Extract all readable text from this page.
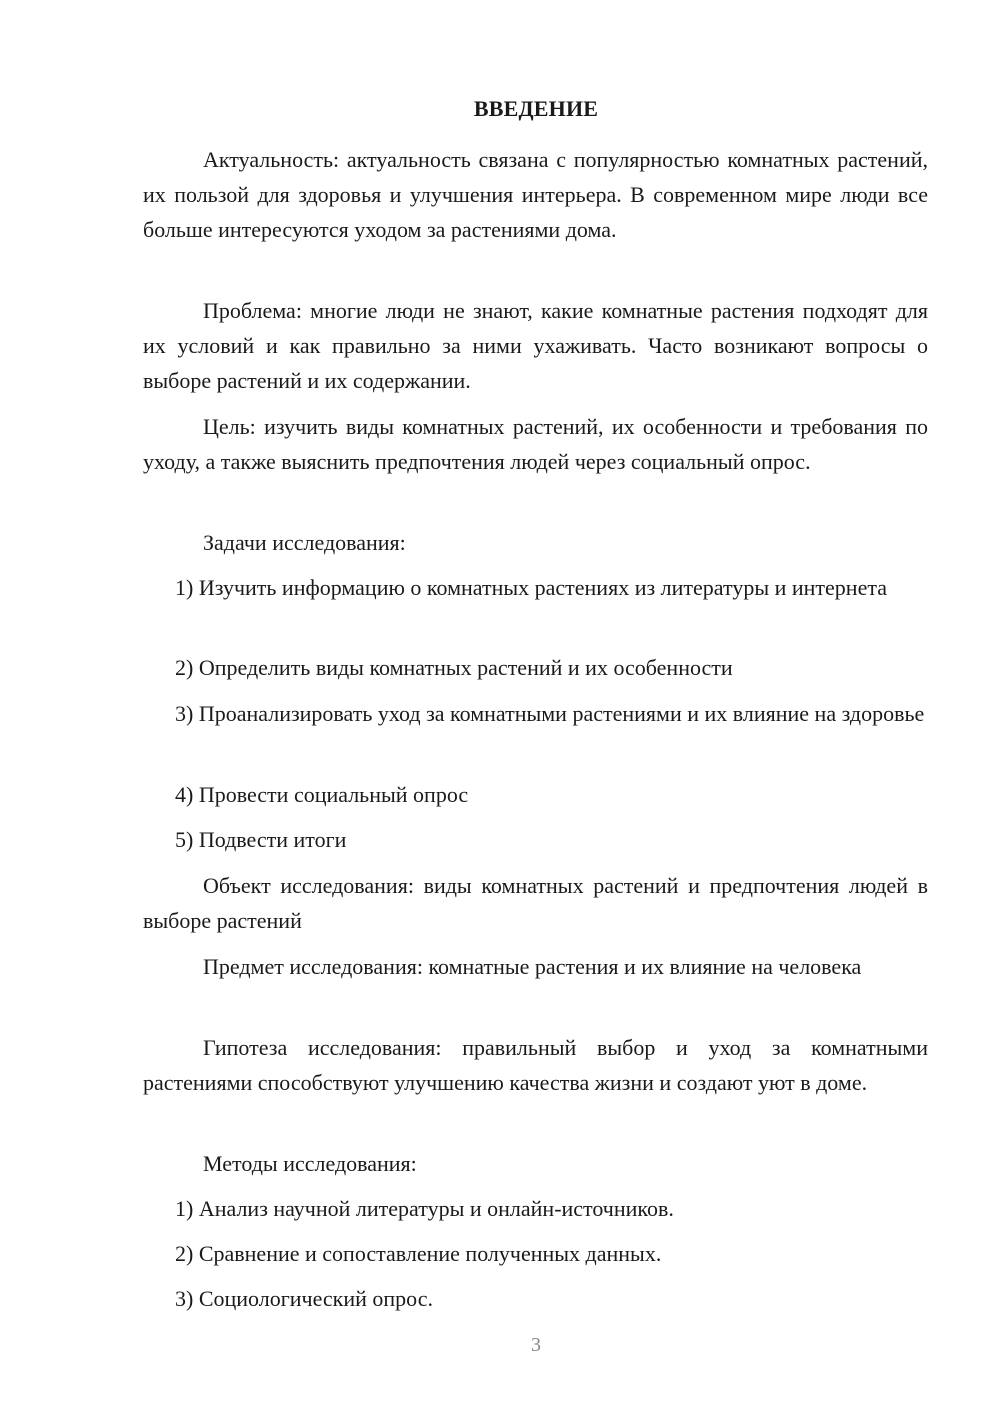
ВВЕДЕНИЕ

Актуальность: актуальность связана с популярностью комнатных растений, их пользой для здоровья и улучшения интерьера. В современном мире люди все больше интересуются уходом за растениями дома.

Проблема: многие люди не знают, какие комнатные растения подходят для их условий и как правильно за ними ухаживать. Часто возникают вопросы о выборе растений и их содержании.

Цель: изучить виды комнатных растений, их особенности и требования по уходу, а также выяснить предпочтения людей через социальный опрос.

Задачи исследования:

1) Изучить информацию о комнатных растениях из литературы и интернета

2) Определить виды комнатных растений и их особенности

3) Проанализировать уход за комнатными растениями и их влияние на здоровье

4) Провести социальный опрос

5) Подвести итоги

Объект исследования: виды комнатных растений и предпочтения людей в выборе растений

Предмет исследования: комнатные растения и их влияние на человека

Гипотеза исследования: правильный выбор и уход за комнатными растениями способствуют улучшению качества жизни и создают уют в доме.

Методы исследования:

1) Анализ научной литературы и онлайн-источников.

2) Сравнение и сопоставление полученных данных.

3) Социологический опрос.

3
